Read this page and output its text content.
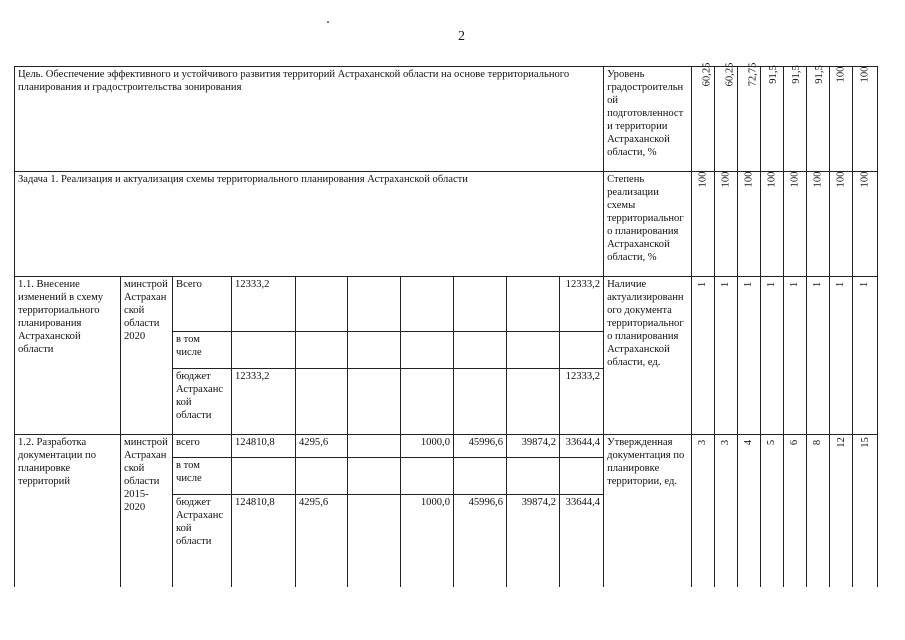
2
Цель. Обеспечение эффективного и устойчивого развития территорий Астраханской области на основе территориального планирования и градостроительства зонирования										Уровень градостроительной подготовленности территории Астраханской области, %	60,25	60,25	72,75	91,5	91,5	91,5	100	100
Задача 1. Реализация и актуализация схемы территориального планирования Астраханской области										Степень реализации схемы территориального планирования Астраханской области, %	100	100	100	100	100	100	100	100
1.1. Внесение изменений в схему территориального планирования Астраханской области	минстрой Астраханской области 2020	Всего	12333,2						12333,2	Наличие актуализированного документа территориального планирования Астраханской области, ед.	1	1	1	1	1	1	1	1
		в том числе																
		бюджет Астраханской области	12333,2						12333,2									
1.2. Разработка документации по планировке территорий	минстрой Астраханской области 2015-2020	всего	124810,8	4295,6		1000,0	45996,6	39874,2	33644,4	Утвержденная документация по планировке территории, ед.	3	3	4	5	6	8	12	15
		в том числе																
		бюджет Астраханской области	124810,8	4295,6		1000,0	45996,6	39874,2	33644,4									
